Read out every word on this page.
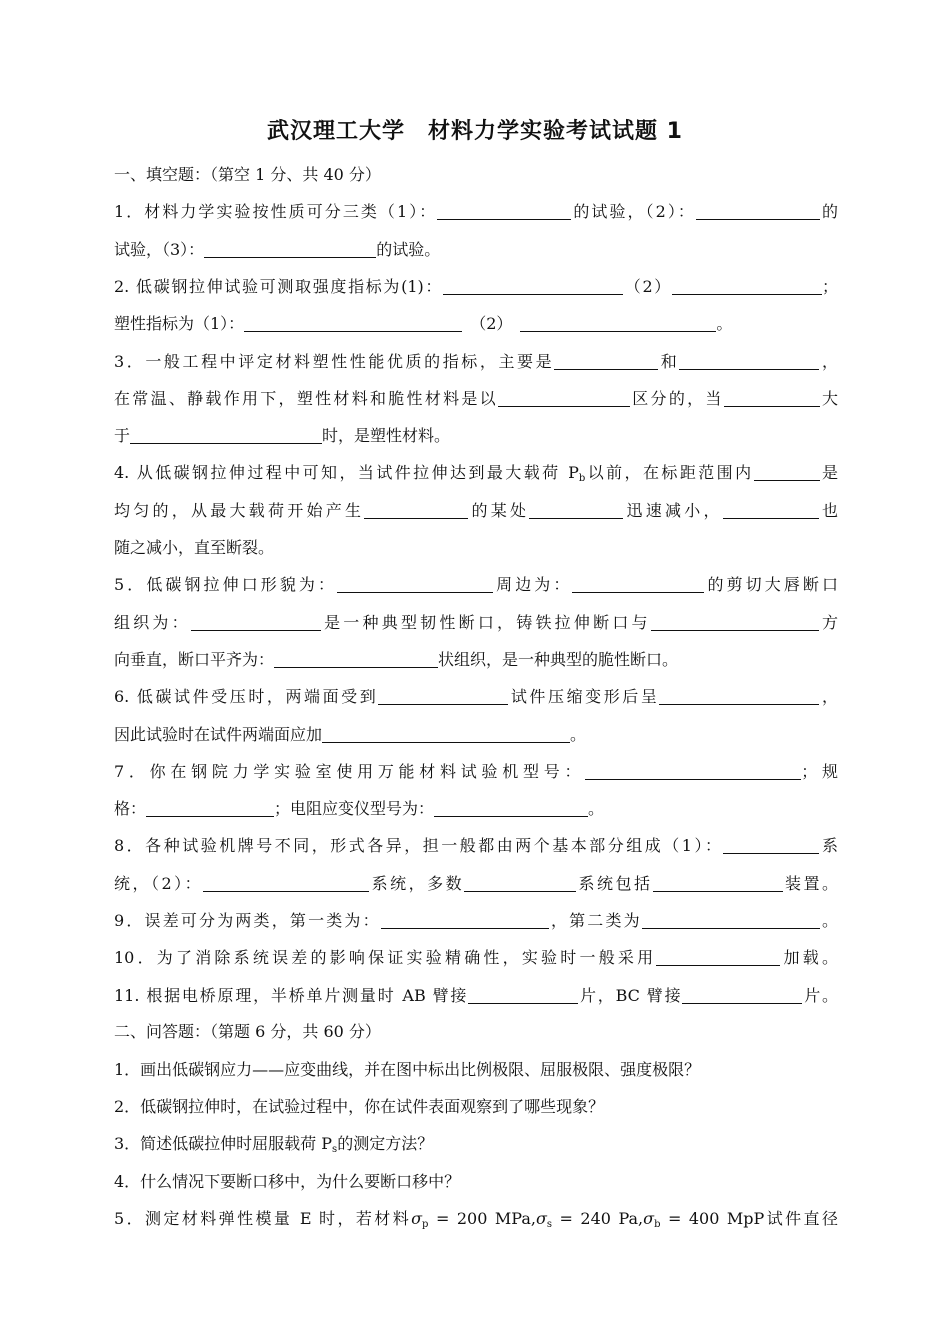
武汉理工大学　材料力学实验考试试题 1
一、填空题：（第空 1 分、共 40 分）
1．材料力学实验按性质可分三类（1）：	的试验，（2）：	的
试验，（3）：	的试验。
2. 低碳钢拉伸试验可测取强度指标为(1)：	（2）	；
塑性指标为（1）：	（2）	。
3．一般工程中评定材料塑性性能优质的指标，主要是	和	，
在常温、静载作用下，塑性材料和脆性材料是以	区分的，当	大
于	时，是塑性材料。
4. 从低碳钢拉伸过程中可知，当试件拉伸达到最大载荷 $P_b$以前，在标距范围内	是
均匀的，从最大载荷开始产生	的某处	迅速减小，	也
随之减小，直至断裂。
5．低碳钢拉伸口形貌为：	周边为：	的剪切大唇断口
组织为：	是一种典型韧性断口，铸铁拉伸断口与	方
向垂直，断口平齐为：	状组织，是一种典型的脆性断口。
6. 低碳试件受压时，两端面受到	试件压缩变形后呈	，
因此试验时在试件两端面应加	。
7．你在钢院力学实验室使用万能材料试验机型号：	；规
格：	；电阻应变仪型号为：	。
8．各种试验机牌号不同，形式各异，担一般都由两个基本部分组成（1）：	系
统，（2）：	系统，多数	系统包括	装置。
9．误差可分为两类，第一类为：	，第二类为	。
10．为了消除系统误差的影响保证实验精确性，实验时一般采用	加载。
11. 根据电桥原理，半桥单片测量时 AB 臂接	片，BC 臂接	片。
二、问答题：（第题 6 分，共 60 分）
1．画出低碳钢应力——应变曲线，并在图中标出比例极限、屈服极限、强度极限？
2．低碳钢拉伸时，在试验过程中，你在试件表面观察到了哪些现象？
3．简述低碳拉伸时屈服载荷 $P_s$的测定方法？
4．什么情况下要断口移中，为什么要断口移中？
5．测定材料弹性模量 E 时，若材料$\sigma_p = 200$ $MPa,\sigma_s = 240$ $Pa,\sigma_b = 400$ MpP试件直径
